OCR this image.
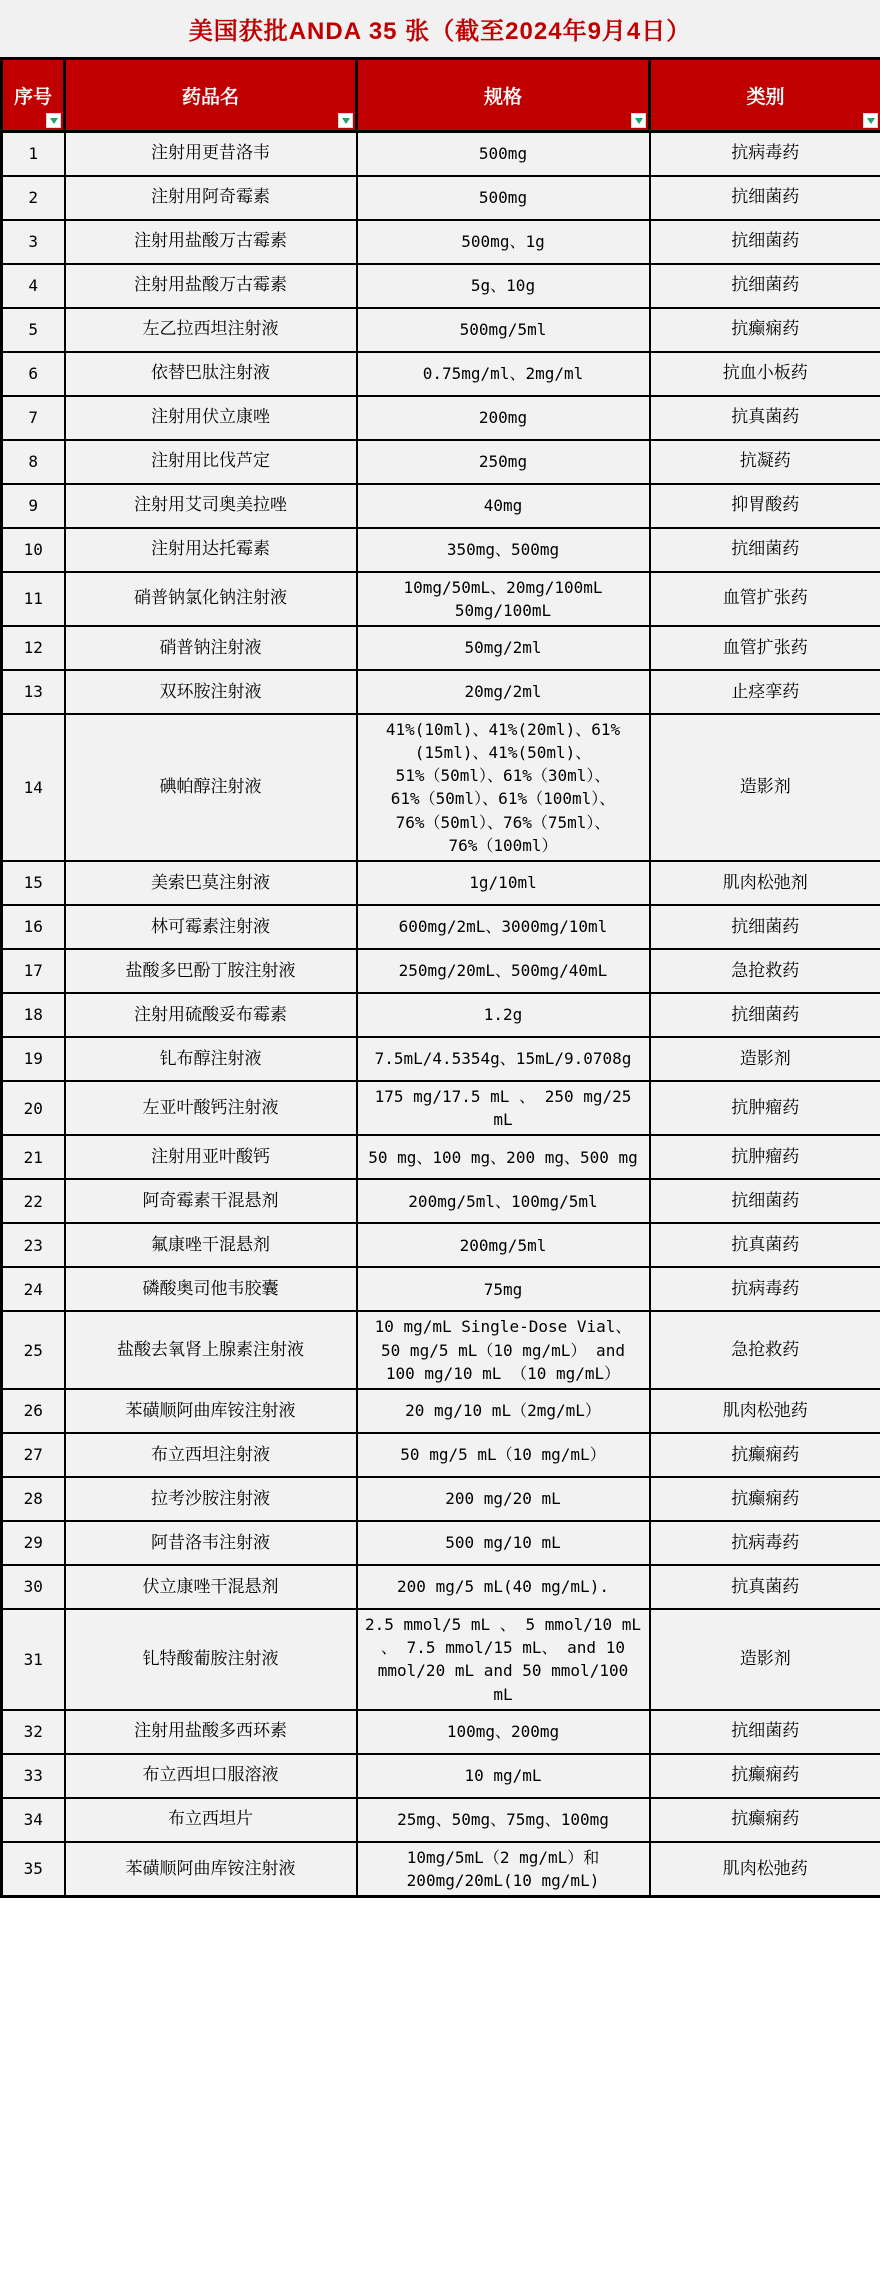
美国获批ANDA 35 张（截至2024年9月4日）
序号	药品名	规格	类别

1	注射用更昔洛韦	500mg	抗病毒药
2	注射用阿奇霉素	500mg	抗细菌药
3	注射用盐酸万古霉素	500mg、1g	抗细菌药
4	注射用盐酸万古霉素	5g、10g	抗细菌药
5	左乙拉西坦注射液	500mg/5ml	抗癫痫药
6	依替巴肽注射液	0.75mg/ml、2mg/ml	抗血小板药
7	注射用伏立康唑	200mg	抗真菌药
8	注射用比伐芦定	250mg	抗凝药
9	注射用艾司奥美拉唑	40mg	抑胃酸药
10	注射用达托霉素	350mg、500mg	抗细菌药
11	硝普钠氯化钠注射液	10mg/50mL、20mg/100mL 50mg/100mL	血管扩张药
12	硝普钠注射液	50mg/2ml	血管扩张药
13	双环胺注射液	20mg/2ml	止痉挛药
14	碘帕醇注射液	41%(10ml)、41%(20ml)、61%(15ml)、41%(50ml)、51%（50ml）、61%（30ml）、61%（50ml）、61%（100ml）、76%（50ml）、76%（75ml）、76%（100ml）	造影剂
15	美索巴莫注射液	1g/10ml	肌肉松弛剂
16	林可霉素注射液	600mg/2mL、3000mg/10ml	抗细菌药
17	盐酸多巴酚丁胺注射液	250mg/20mL、500mg/40mL	急抢救药
18	注射用硫酸妥布霉素	1.2g	抗细菌药
19	钆布醇注射液	7.5mL/4.5354g、15mL/9.0708g	造影剂
20	左亚叶酸钙注射液	175 mg/17.5 mL 、 250 mg/25 mL	抗肿瘤药
21	注射用亚叶酸钙	50 mg、100 mg、200 mg、500 mg	抗肿瘤药
22	阿奇霉素干混悬剂	200mg/5ml、100mg/5ml	抗细菌药
23	氟康唑干混悬剂	200mg/5ml	抗真菌药
24	磷酸奥司他韦胶囊	75mg	抗病毒药
25	盐酸去氧肾上腺素注射液	10 mg/mL Single-Dose Vial、 50 mg/5 mL（10 mg/mL） and 100 mg/10 mL （10 mg/mL）	急抢救药
26	苯磺顺阿曲库铵注射液	20 mg/10 mL（2mg/mL）	肌肉松弛药
27	布立西坦注射液	50 mg/5 mL（10 mg/mL）	抗癫痫药
28	拉考沙胺注射液	200 mg/20 mL	抗癫痫药
29	阿昔洛韦注射液	500 mg/10 mL	抗病毒药
30	伏立康唑干混悬剂	200 mg/5 mL(40 mg/mL).	抗真菌药
31	钆特酸葡胺注射液	2.5 mmol/5 mL 、 5 mmol/10 mL 、 7.5 mmol/15 mL、 and 10 mmol/20 mL and 50 mmol/100 mL	造影剂
32	注射用盐酸多西环素	100mg、200mg	抗细菌药
33	布立西坦口服溶液	10 mg/mL	抗癫痫药
34	布立西坦片	25mg、50mg、75mg、100mg	抗癫痫药
35	苯磺顺阿曲库铵注射液	10mg/5mL（2 mg/mL）和 200mg/20mL(10 mg/mL)	肌肉松弛药
